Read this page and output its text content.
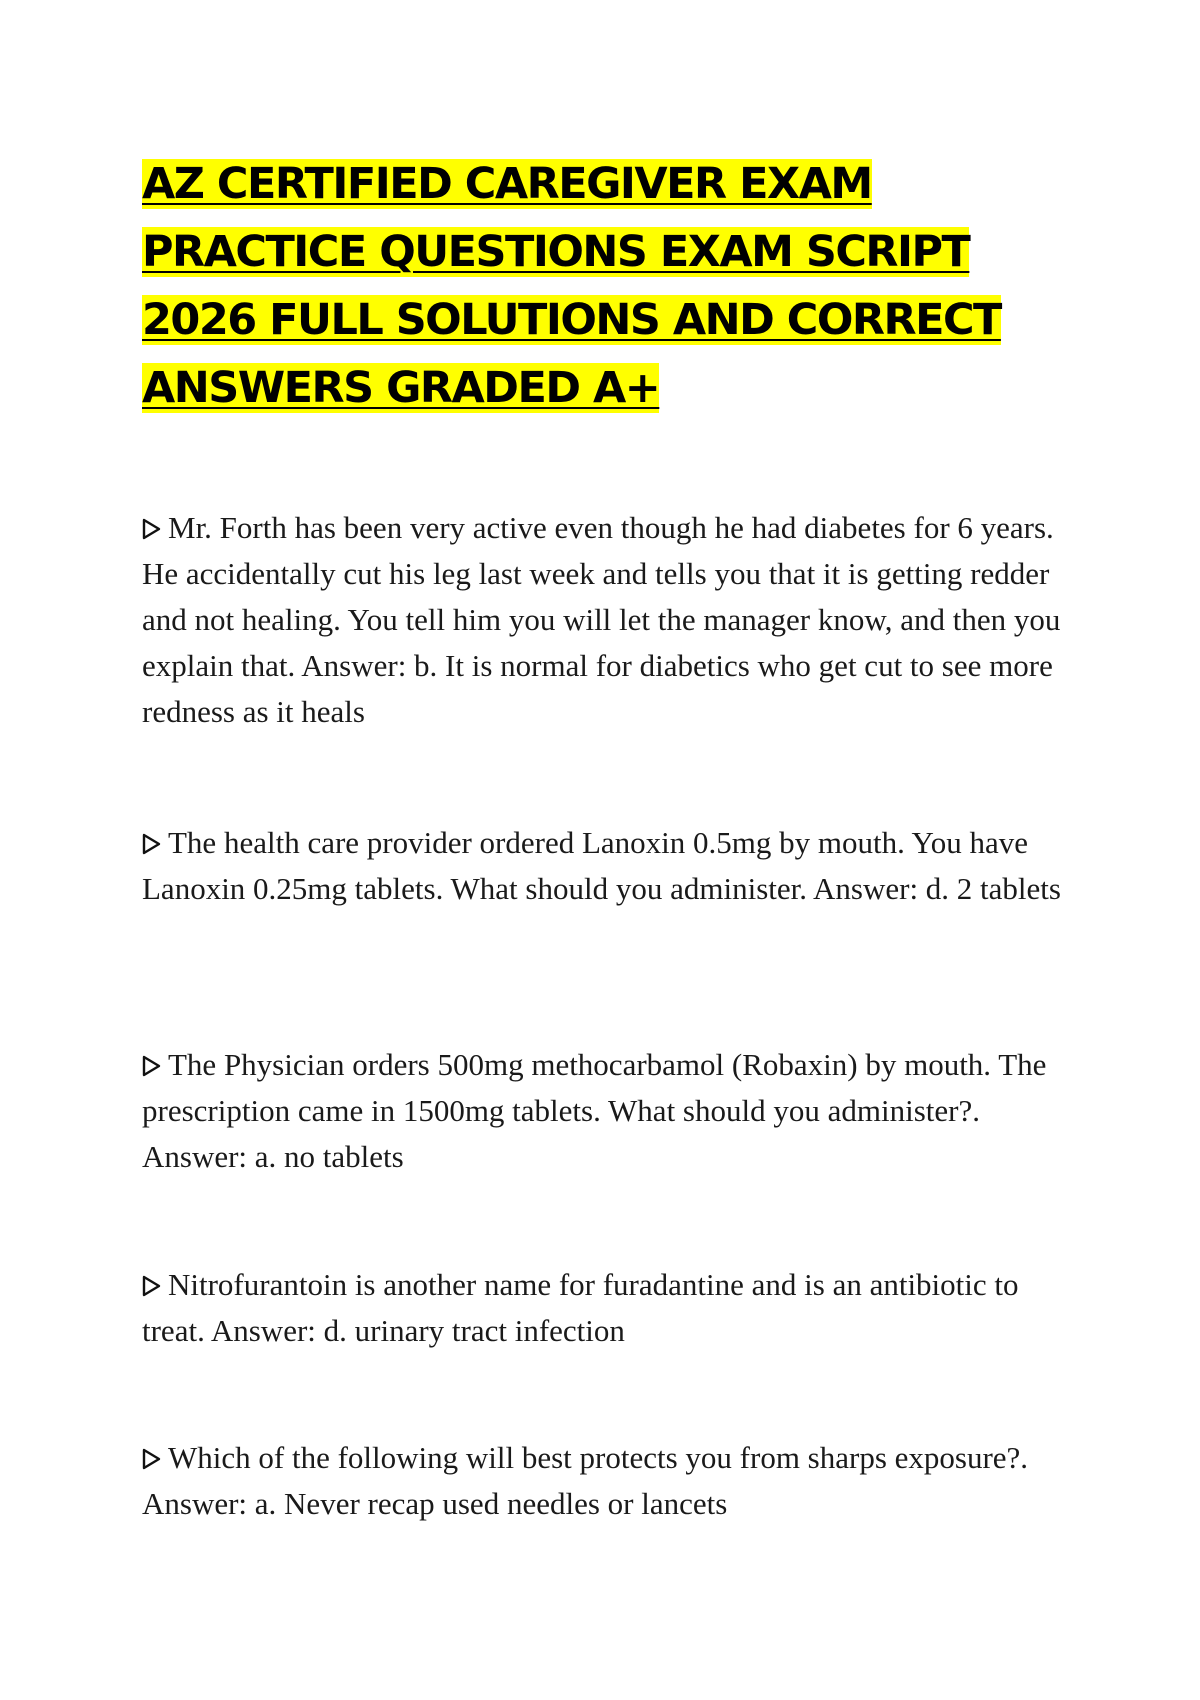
AZ CERTIFIED CAREGIVER EXAM PRACTICE QUESTIONS EXAM SCRIPT 2026 FULL SOLUTIONS AND CORRECT ANSWERS GRADED A+

Mr. Forth has been very active even though he had diabetes for 6 years. He accidentally cut his leg last week and tells you that it is getting redder and not healing. You tell him you will let the manager know, and then you explain that. Answer: b. It is normal for diabetics who get cut to see more redness as it heals

The health care provider ordered Lanoxin 0.5mg by mouth. You have Lanoxin 0.25mg tablets. What should you administer. Answer: d. 2 tablets

The Physician orders 500mg methocarbamol (Robaxin) by mouth. The prescription came in 1500mg tablets. What should you administer?. Answer: a. no tablets

Nitrofurantoin is another name for furadantine and is an antibiotic to treat. Answer: d. urinary tract infection

Which of the following will best protects you from sharps exposure?. Answer: a. Never recap used needles or lancets
